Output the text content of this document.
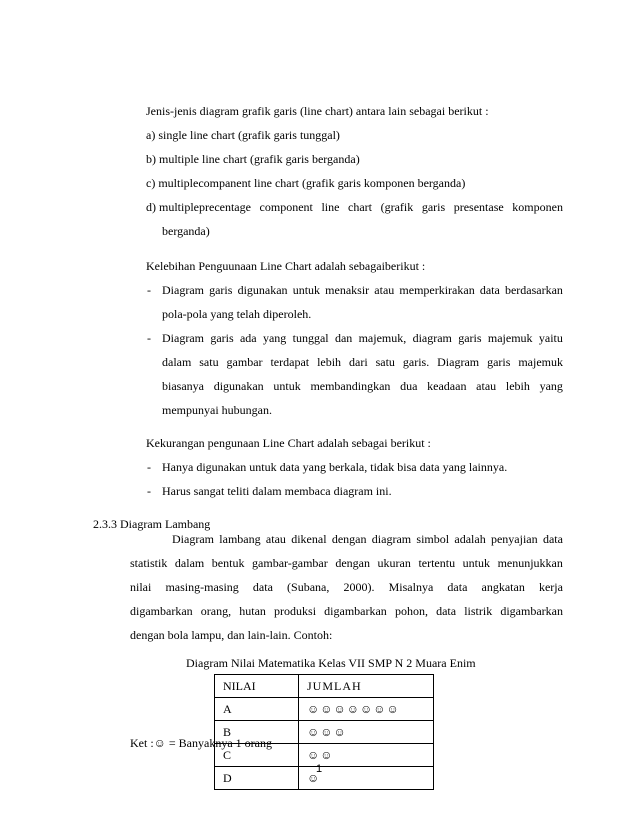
Jenis-jenis diagram grafik garis (line chart) antara lain sebagai berikut :
a) single line chart (grafik garis tunggal)
b) multiple line chart (grafik garis berganda)
c) multiplecompanent line chart (grafik garis komponen berganda)
d) multipleprecentage component line chart (grafik garis presentase komponen
berganda)
Kelebihan Penguunaan Line Chart adalah sebagaiberikut :
- Diagram garis digunakan untuk menaksir atau memperkirakan data berdasarkan
pola-pola yang telah diperoleh.
- Diagram garis ada yang tunggal dan majemuk, diagram garis majemuk yaitu
dalam satu gambar terdapat lebih dari satu garis. Diagram garis majemuk
biasanya digunakan untuk membandingkan dua keadaan atau lebih yang
mempunyai hubungan.
Kekurangan pengunaan Line Chart adalah sebagai berikut :
- Hanya digunakan untuk data yang berkala, tidak bisa data yang lainnya.
- Harus sangat teliti dalam membaca diagram ini.
2.3.3 Diagram Lambang
Diagram lambang atau dikenal dengan diagram simbol adalah penyajian data
statistik dalam bentuk gambar-gambar dengan ukuran tertentu untuk menunjukkan
nilai masing-masing data (Subana, 2000). Misalnya data angkatan kerja
digambarkan orang, hutan produksi digambarkan pohon, data listrik digambarkan
dengan bola lampu, dan lain-lain. Contoh:
Diagram Nilai Matematika Kelas VII SMP N 2 Muara Enim
NILAI	JUMLAH
A	☺☺☺☺☺☺☺
B	☺☺☺
C	☺☺
D	☺
Ket :☺ = Banyaknya 1 orang
1
